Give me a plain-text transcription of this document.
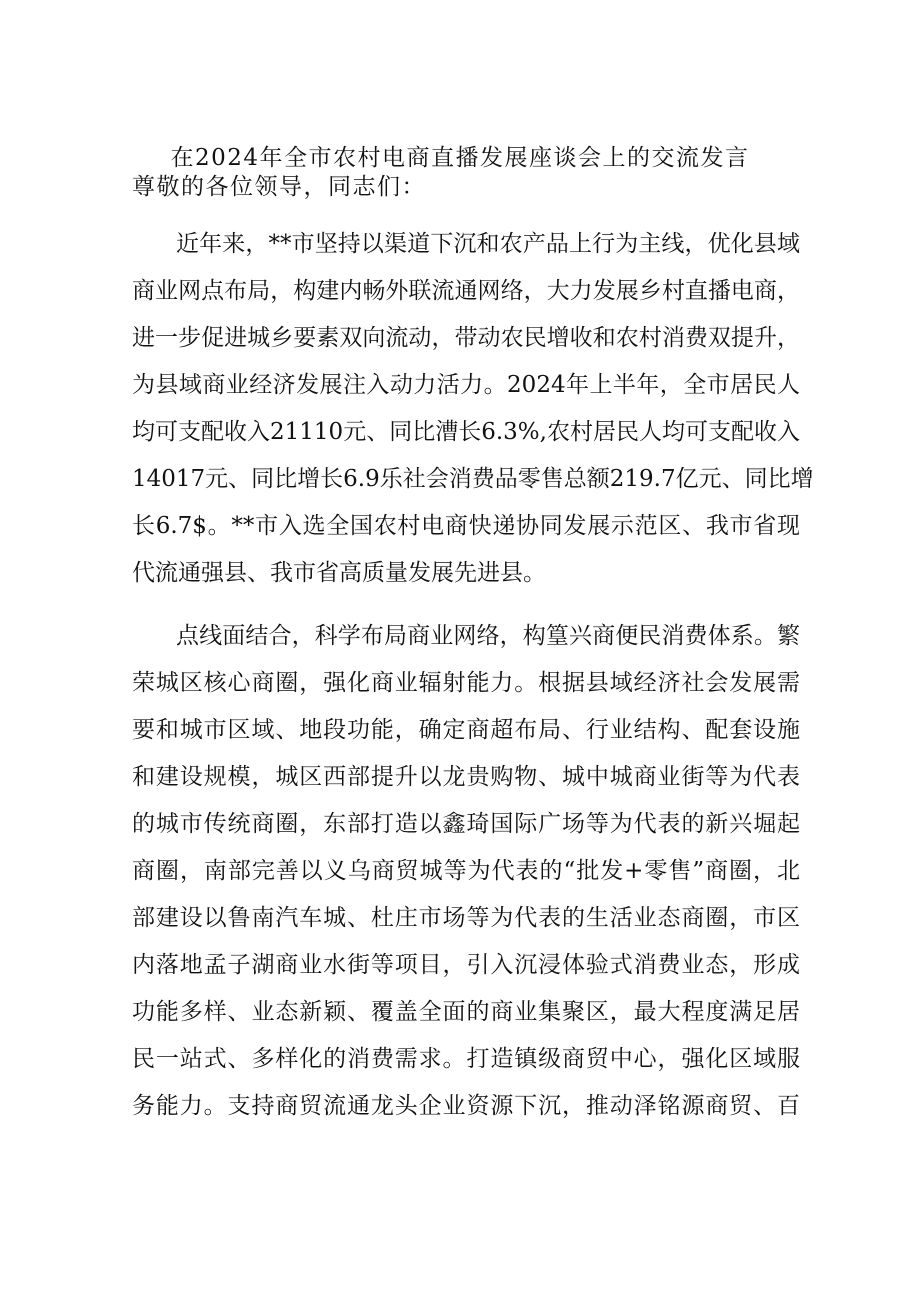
在2024年全市农村电商直播发展座谈会上的交流发言

尊敬的各位领导，同志们：

近年来，**市坚持以渠道下沉和农产品上行为主线，优化县域
商业网点布局，构建内畅外联流通网络，大力发展乡村直播电商，
进一步促进城乡要素双向流动，带动农民增收和农村消费双提升，
为县域商业经济发展注入动力活力。2024年上半年，全市居民人
均可支配收入21110元、同比漕长6.3%,农村居民人均可支配收入
14017元、同比增长6.9乐社会消费品零售总额219.7亿元、同比增
长6.7$。**市入选全国农村电商快递协同发展示范区、我市省现
代流通强县、我市省高质量发展先进县。
点线面结合，科学布局商业网络，构篁兴商便民消费体系。繁
荣城区核心商圈，强化商业辐射能力。根据县域经济社会发展需
要和城市区域、地段功能，确定商超布局、行业结构、配套设施
和建设规模，城区西部提升以龙贵购物、城中城商业街等为代表
的城市传统商圈，东部打造以鑫琦国际广场等为代表的新兴堀起
商圈，南部完善以义乌商贸城等为代表的“批发+零售”商圈，北
部建设以鲁南汽车城、杜庄市场等为代表的生活业态商圈，市区
内落地孟子湖商业水街等项目，引入沉浸体验式消费业态，形成
功能多样、业态新颖、覆盖全面的商业集聚区，最大程度满足居
民一站式、多样化的消费需求。打造镇级商贸中心，强化区域服
务能力。支持商贸流通龙头企业资源下沉，推动泽铭源商贸、百
